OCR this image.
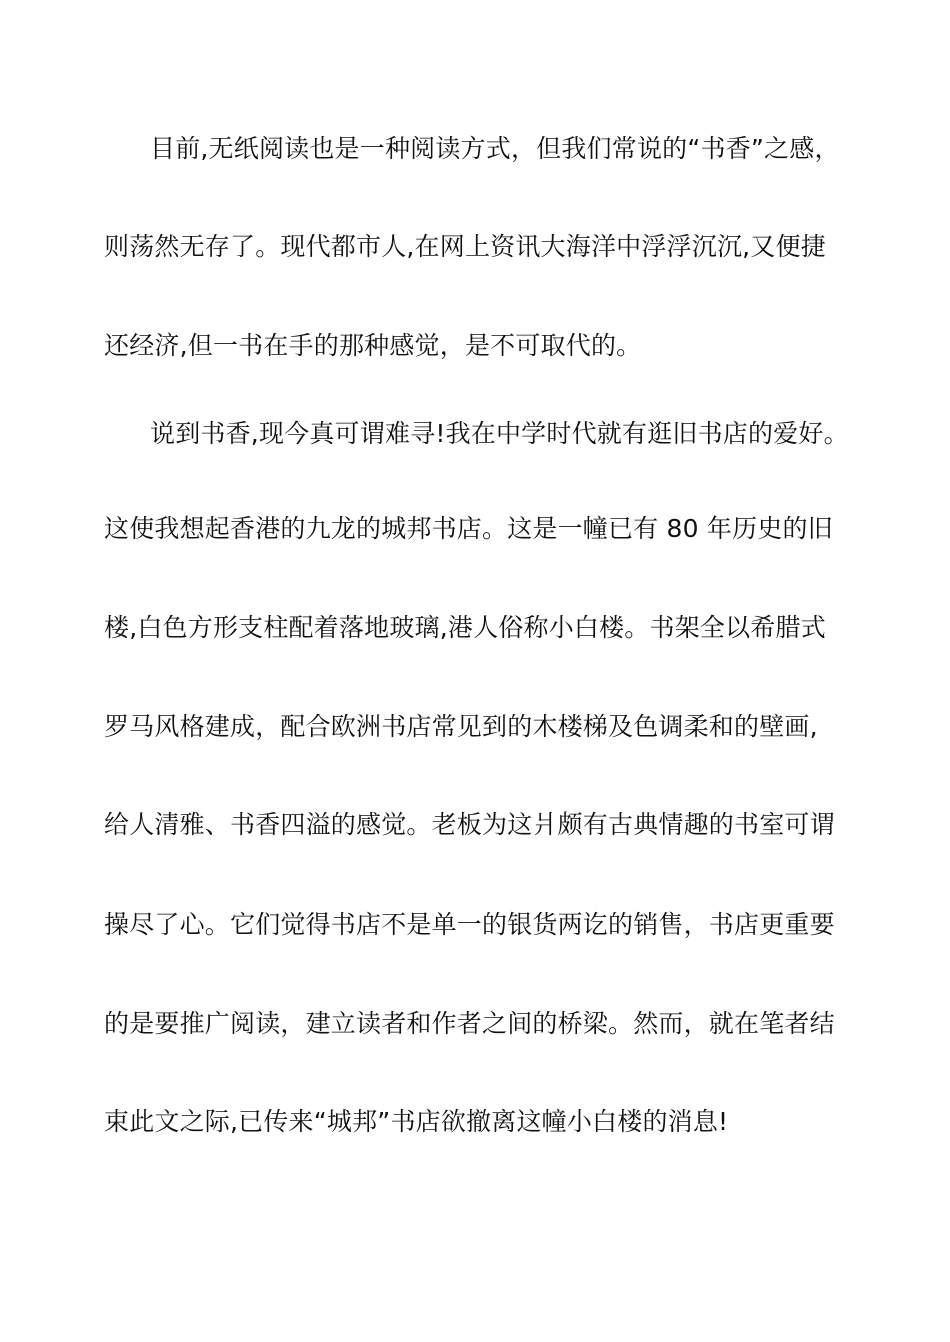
目前,无纸阅读也是一种阅读方式，但我们常说的“书香”之感，
则荡然无存了。现代都市人,在网上资讯大海洋中浮浮沉沉,又便捷
还经济,但一书在手的那种感觉，是不可取代的。
说到书香,现今真可谓难寻!我在中学时代就有逛旧书店的爱好。
这使我想起香港的九龙的城邦书店。这是一幢已有 80 年历史的旧
楼,白色方形支柱配着落地玻璃,港人俗称小白楼。书架全以希腊式
罗马风格建成，配合欧洲书店常见到的木楼梯及色调柔和的壁画,
给人清雅、书香四溢的感觉。老板为这爿颇有古典情趣的书室可谓
操尽了心。它们觉得书店不是单一的银货两讫的销售，书店更重要
的是要推广阅读，建立读者和作者之间的桥梁。然而，就在笔者结
束此文之际,已传来“城邦”书店欲撤离这幢小白楼的消息!
